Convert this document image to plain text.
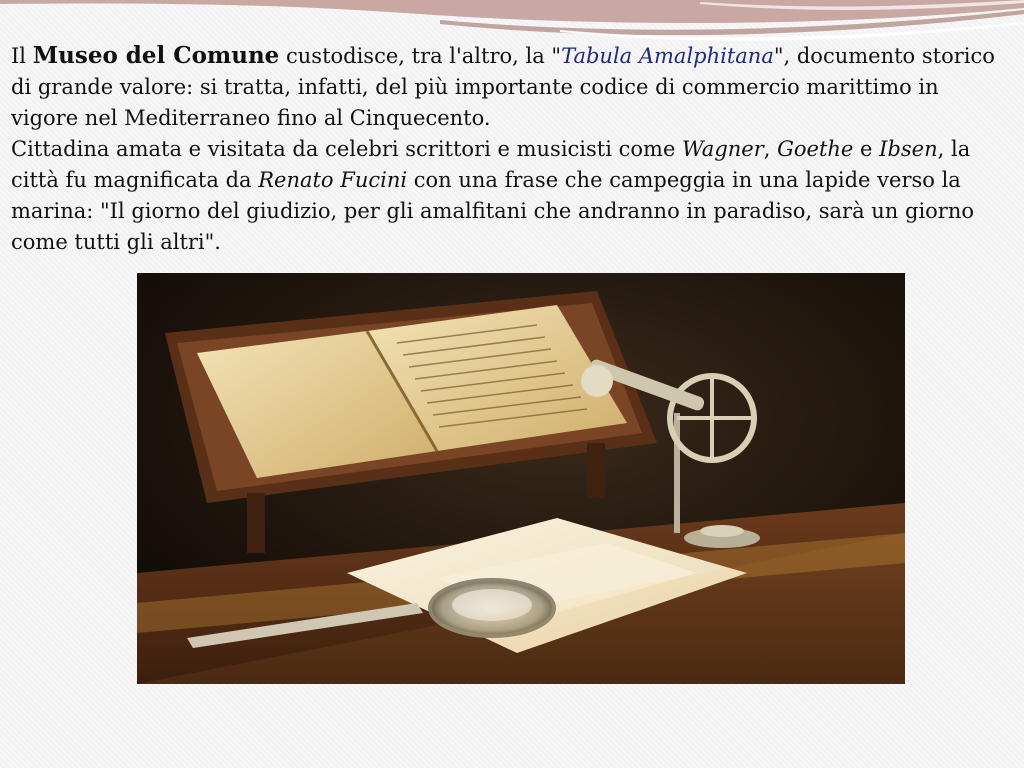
Il Museo del Comune custodisce, tra l'altro, la "Tabula Amalphitana", documento storico di grande valore: si tratta, infatti, del più importante codice di commercio marittimo in vigore nel Mediterraneo fino al Cinquecento.

Cittadina amata e visitata da celebri scrittori e musicisti come Wagner, Goethe e Ibsen, la città fu magnificata da Renato Fucini con una frase che campeggia in una lapide verso la marina: "Il giorno del giudizio, per gli amalfitani che andranno in paradiso, sarà un giorno come tutti gli altri".
